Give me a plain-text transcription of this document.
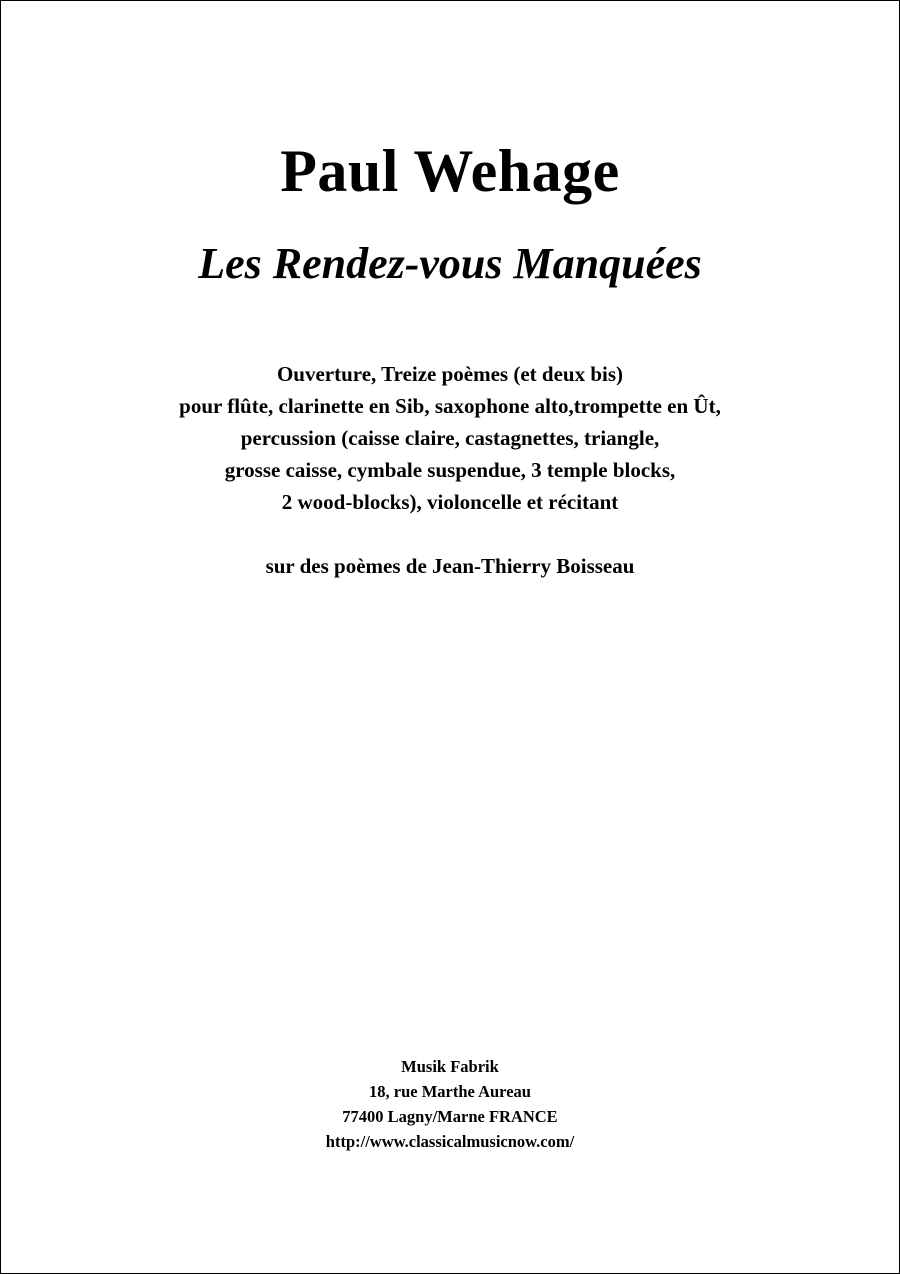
Paul Wehage
Les Rendez-vous Manquées
Ouverture, Treize poèmes (et deux bis)
pour flûte, clarinette en Sib, saxophone alto,trompette en Ût,
percussion (caisse claire, castagnettes, triangle,
grosse caisse, cymbale suspendue, 3 temple blocks,
2 wood-blocks), violoncelle et récitant
sur des poèmes de Jean-Thierry Boisseau
Musik Fabrik
18, rue Marthe Aureau
77400 Lagny/Marne FRANCE
http://www.classicalmusicnow.com/
